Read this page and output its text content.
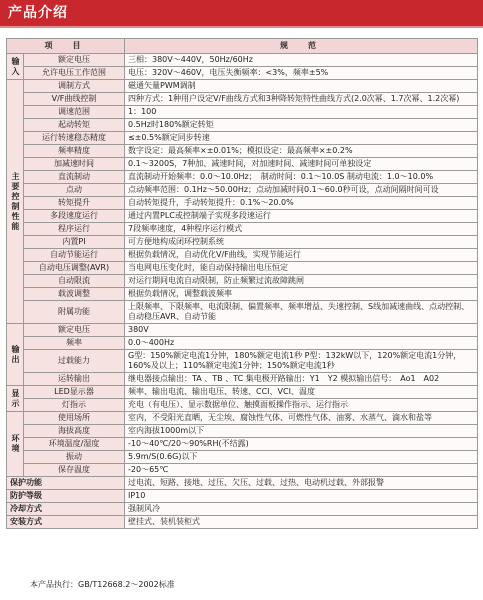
产品介绍
项　目		规　范
输入	额定电压	三相：380V～440V，50Hz/60Hz
	允许电压工作范围	电压：320V～460V，电压失衡频率：<3%，频率±5%
主要控制性能	调制方式	磁通矢量PWM调制
	V/F曲线控制	四种方式：1种用户设定V/F曲线方式和3种降转矩特性曲线方式(2.0次幂、1.7次幂、1.2次幂)
	调速范围	1：100
	起动转矩	0.5Hz时180%额定转矩
	运行转速稳态精度	≤±0.5%额定同步转速
	频率精度	数字设定：最高频率×±0.01%；模拟设定：最高频率×±0.2%
	加减速时间	0.1～3200S，7种加、减速时间，对加速时间、减速时间可单独设定
	直流制动	直流制动开始频率：0.0～10.0Hz；　制动时间：0.1～10.0S 制动电流：1.0～10.0%
	点动	点动频率范围：0.1Hz～50.00Hz；点动加减时间0.1～60.0秒可设，点动间隔时间可设
	转矩提升	自动转矩提升，手动转矩提升：0.1%～20.0%
	多段速度运行	通过内置PLC或控制端子实现多段速运行
	程序运行	7段频率速度，4种程序运行模式
	内置PI	可方便地构成闭环控制系统
	自动节能运行	根据负载情况，自动优化V/F曲线，实现节能运行
	自动电压调整(AVR)	当电网电压变化时，能自动保持输出电压恒定
	自动限流	对运行期间电流自动限制，防止频繁过流故障跳闸
	载波调整	根据负载情况，调整载波频率
	附属功能	上限频率、下限频率、电流限制、偏置频率、频率增益、失速控制、S线加减速曲线、点动控制、自动稳压AVR、自动节能
输出	额定电压	380V
	频率	0.0～400Hz
	过载能力	G型：150%额定电流1分钟，180%额定电流1秒 P型：132kW以下，120%额定电流1分钟，160%及以上；110%额定电流1分钟；150%额定电流1秒
	运转输出	继电器接点输出：TA 、TB 、TC 集电极开路输出：Y1　Y2 模拟输出信号：　Ao1　A02
显示	LED显示器	频率、输出电流、输出电压、转速、CCI、VCI、温度
	灯指示	充电（有电压）、显示数据单位、触摸面板操作指示、运行指示
环境	使用场所	室内，不受阳光直晒，无尘埃、腐蚀性气体、可燃性气体、油雾、水蒸气、滴水和盐等
	海拔高度	室内海拔1000m以下
	环境温度/湿度	-10～40℃/20～90%RH(不结露)
	振动	5.9m/S(0.6G)以下
	保存温度	-20～65℃
保护功能		过电流、短路、接地、过压、欠压、过载、过热、电动机过载、外部报警
防护等级		IP10
冷却方式		强制风冷
安装方式		壁挂式、装机装柜式
本产品执行：GB/T12668.2～2002标准
